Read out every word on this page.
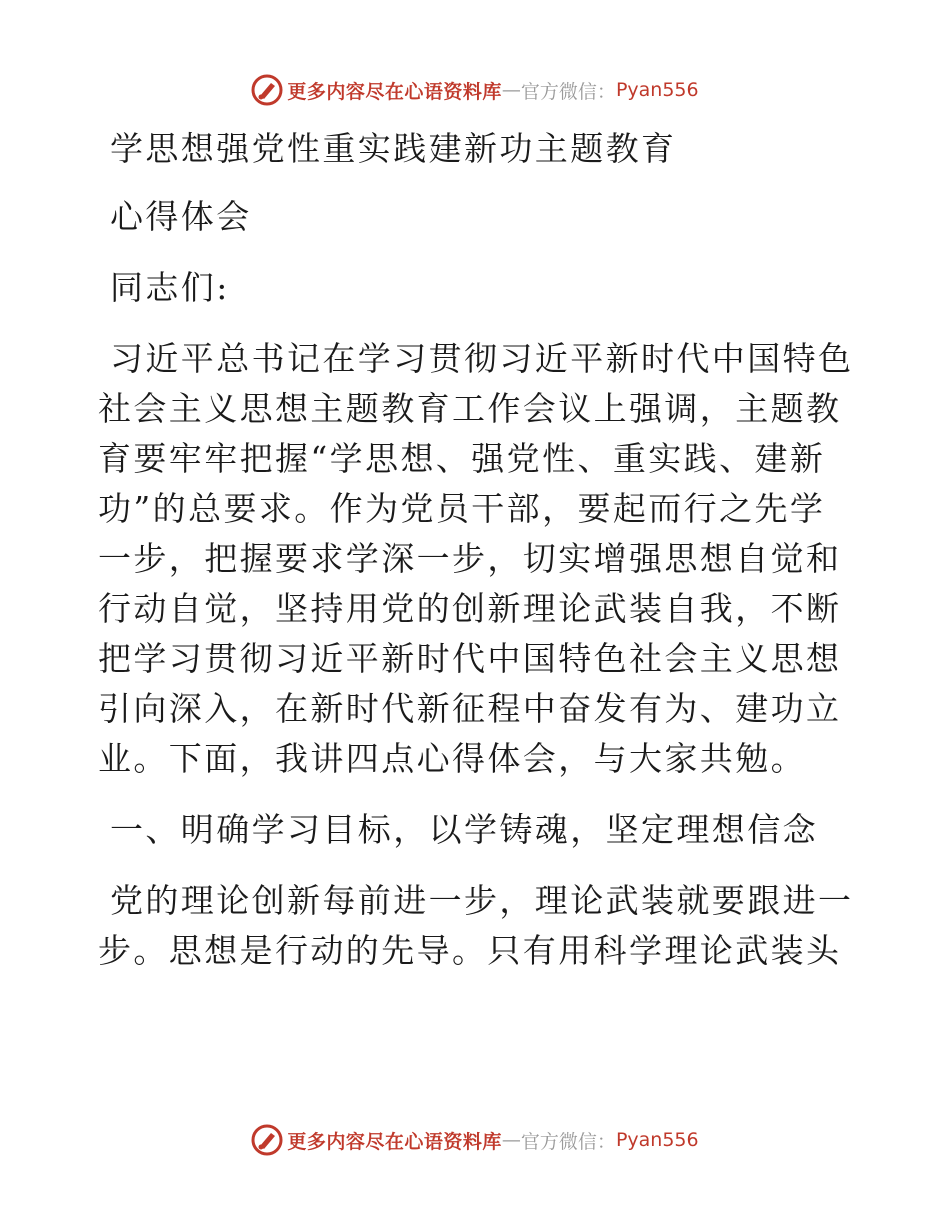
更多内容尽在心语资料库 — 官方微信： Pyan556

学思想强党性重实践建新功主题教育

心得体会

同志们:

习近平总书记在学习贯彻习近平新时代中国特色社会主义思想主题教育工作会议上强调，主题教育要牢牢把握“学思想、强党性、重实践、建新功”的总要求。作为党员干部，要起而行之先学一步，把握要求学深一步，切实增强思想自觉和行动自觉，坚持用党的创新理论武装自我，不断把学习贯彻习近平新时代中国特色社会主义思想引向深入，在新时代新征程中奋发有为、建功立业。下面，我讲四点心得体会，与大家共勉。

一、明确学习目标，以学铸魂，坚定理想信念

党的理论创新每前进一步，理论武装就要跟进一步。思想是行动的先导。只有用科学理论武装头

更多内容尽在心语资料库 — 官方微信： Pyan556
